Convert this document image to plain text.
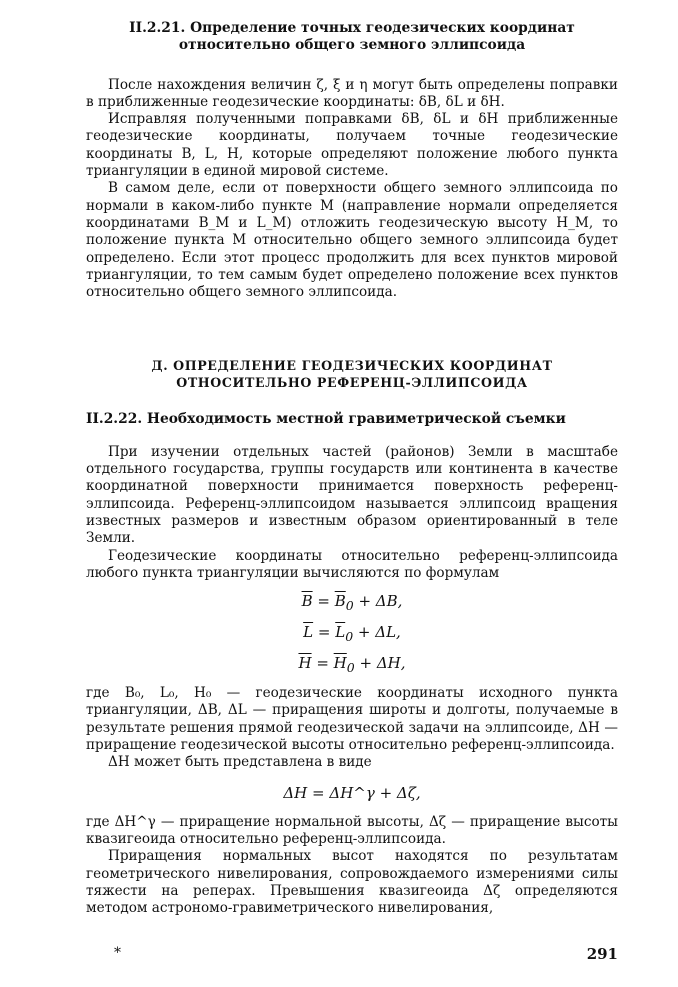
II.2.21. Определение точных геодезических координат

относительно общего земного эллипсоида

После нахождения величин ζ, ξ и η могут быть определены поправки в приближенные геодезические координаты: δB, δL и δH.

Исправляя полученными поправками δB, δL и δH приближенные геодезические координаты, получаем точные геодезические координаты B, L, H, которые определяют положение любого пункта триангуляции в единой мировой системе.

В самом деле, если от поверхности общего земного эллипсоида по нормали в каком-либо пункте M (направление нормали определяется координатами B_M и L_M) отложить геодезическую высоту H_M, то положение пункта M относительно общего земного эллипсоида будет определено. Если этот процесс продолжить для всех пунктов мировой триангуляции, то тем самым будет определено положение всех пунктов относительно общего земного эллипсоида.

Д. ОПРЕДЕЛЕНИЕ ГЕОДЕЗИЧЕСКИХ КООРДИНАТ

ОТНОСИТЕЛЬНО РЕФЕРЕНЦ-ЭЛЛИПСОИДА

II.2.22. Необходимость местной гравиметрической съемки

При изучении отдельных частей (районов) Земли в масштабе отдельного государства, группы государств или континента в качестве координатной поверхности принимается поверхность референц-эллипсоида. Референц-эллипсоидом называется эллипсоид вращения известных размеров и известным образом ориентированный в теле Земли.

Геодезические координаты относительно референц-эллипсоида любого пункта триангуляции вычисляются по формулам

$\overline{B} = \overline{B}_0 + \Delta B$,
$\overline{L} = \overline{L}_0 + \Delta L$,
$\overline{H} = \overline{H}_0 + \Delta H$,

где B₀, L₀, H₀ — геодезические координаты исходного пункта триангуляции, ΔB, ΔL — приращения широты и долготы, получаемые в результате решения прямой геодезической задачи на эллипсоиде, ΔH — приращение геодезической высоты относительно референц-эллипсоида.

ΔH может быть представлена в виде

ΔH = ΔH^γ + Δζ,

где ΔH^γ — приращение нормальной высоты, Δζ — приращение высоты квазигеоида относительно референц-эллипсоида.

Приращения нормальных высот находятся по результатам геометрического нивелирования, сопровождаемого измерениями силы тяжести на реперах. Превышения квазигеоида Δζ определяются методом астрономо-гравиметрического нивелирования,

*	291
